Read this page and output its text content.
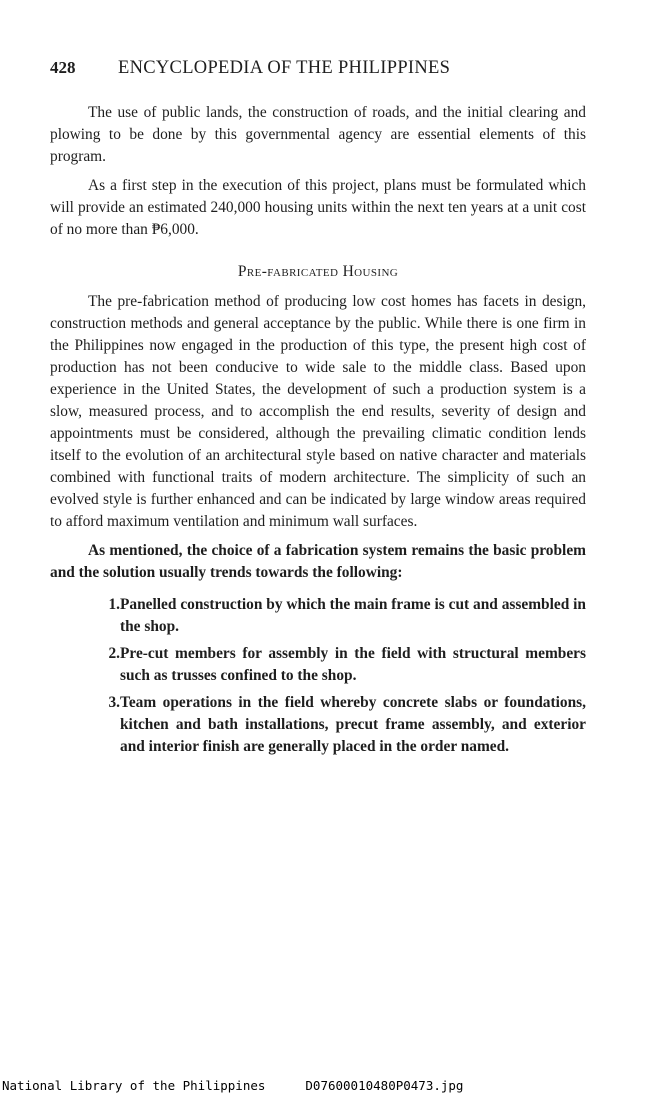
428	ENCYCLOPEDIA OF THE PHILIPPINES

The use of public lands, the construction of roads, and the initial clearing and plowing to be done by this governmental agency are essential elements of this program.

As a first step in the execution of this project, plans must be formulated which will provide an estimated 240,000 housing units within the next ten years at a unit cost of no more than ₱6,000.

Pre-fabricated Housing

The pre-fabrication method of producing low cost homes has facets in design, construction methods and general acceptance by the public. While there is one firm in the Philippines now engaged in the production of this type, the present high cost of production has not been conducive to wide sale to the middle class. Based upon experience in the United States, the development of such a production system is a slow, measured process, and to accomplish the end results, severity of design and appointments must be considered, although the prevailing climatic condition lends itself to the evolution of an architectural style based on native character and materials combined with functional traits of modern architecture. The simplicity of such an evolved style is further enhanced and can be indicated by large window areas required to afford maximum ventilation and minimum wall surfaces.

As mentioned, the choice of a fabrication system remains the basic problem and the solution usually trends towards the following:

1. Panelled construction by which the main frame is cut and assembled in the shop.
2. Pre-cut members for assembly in the field with structural members such as trusses confined to the shop.
3. Team operations in the field whereby concrete slabs or foundations, kitchen and bath installations, precut frame assembly, and exterior and interior finish are generally placed in the order named.
National Library of the Philippines	D07600010480P0473.jpg
